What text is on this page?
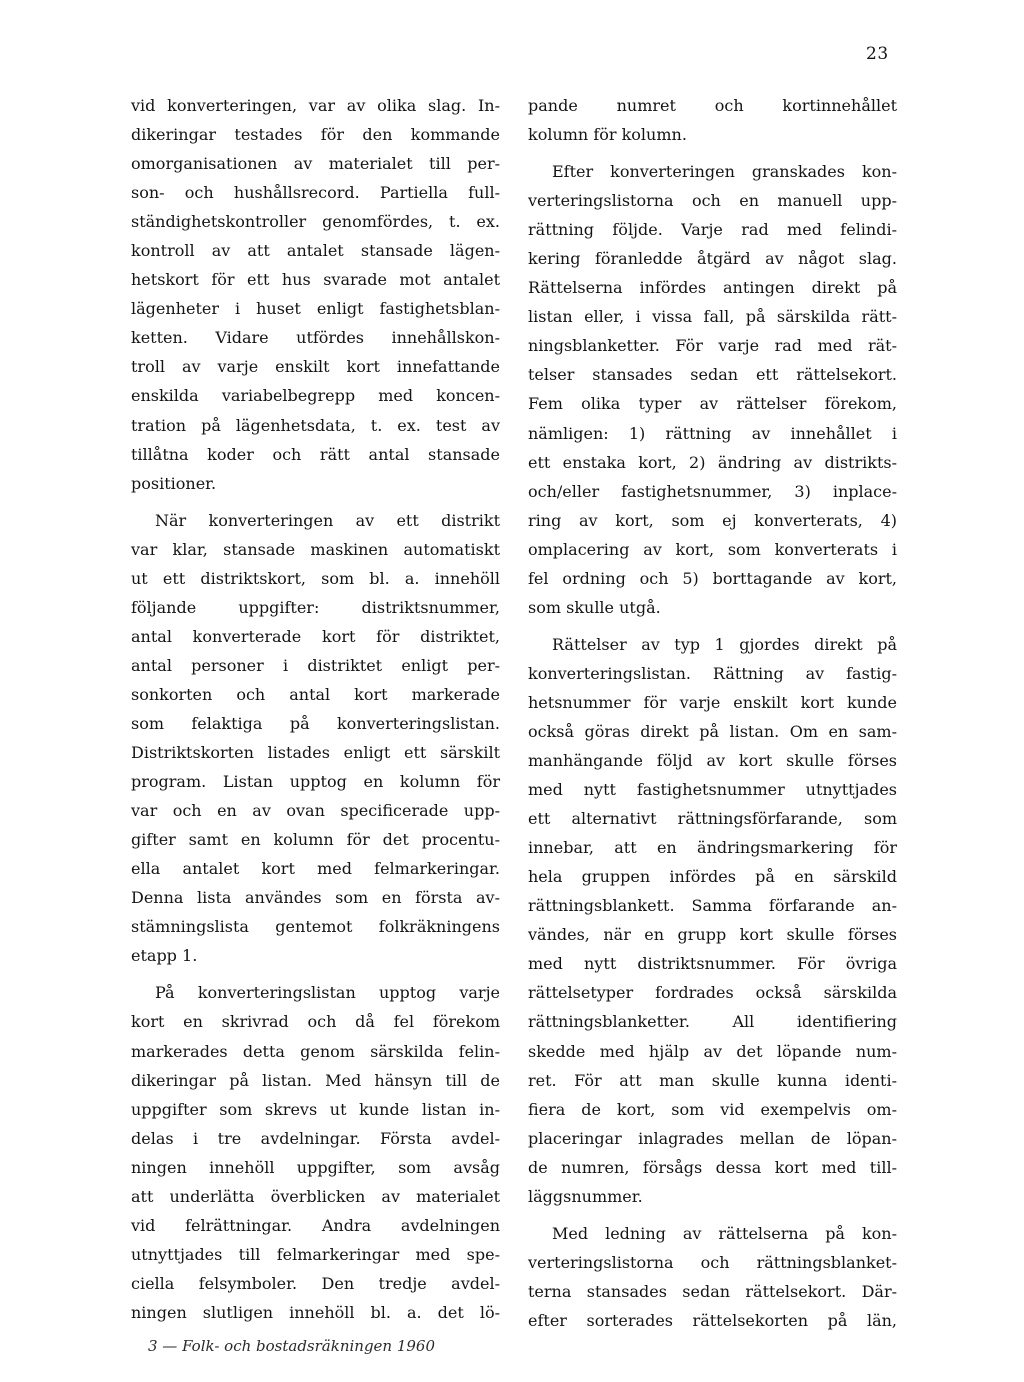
23
vid konverteringen, var av olika slag. In-
dikeringar testades för den kommande
omorganisationen av materialet till per-
son- och hushållsrecord. Partiella full-
ständighetskontroller genomfördes, t. ex.
kontroll av att antalet stansade lägen-
hetskort för ett hus svarade mot antalet
lägenheter i huset enligt fastighetsblan-
ketten. Vidare utfördes innehållskon-
troll av varje enskilt kort innefattande
enskilda variabelbegrepp med koncen-
tration på lägenhetsdata, t. ex. test av
tillåtna koder och rätt antal stansade
positioner.
När konverteringen av ett distrikt
var klar, stansade maskinen automatiskt
ut ett distriktskort, som bl. a. innehöll
följande uppgifter: distriktsnummer,
antal konverterade kort för distriktet,
antal personer i distriktet enligt per-
sonkorten och antal kort markerade
som felaktiga på konverteringslistan.
Distriktskorten listades enligt ett särskilt
program. Listan upptog en kolumn för
var och en av ovan specificerade upp-
gifter samt en kolumn för det procentu-
ella antalet kort med felmarkeringar.
Denna lista användes som en första av-
stämningslista gentemot folkräkningens
etapp 1.
På konverteringslistan upptog varje
kort en skrivrad och då fel förekom
markerades detta genom särskilda felin-
dikeringar på listan. Med hänsyn till de
uppgifter som skrevs ut kunde listan in-
delas i tre avdelningar. Första avdel-
ningen innehöll uppgifter, som avsåg
att underlätta överblicken av materialet
vid felrättningar. Andra avdelningen
utnyttjades till felmarkeringar med spe-
ciella felsymboler. Den tredje avdel-
ningen slutligen innehöll bl. a. det lö-
pande numret och kortinnehållet
kolumn för kolumn.
Efter konverteringen granskades kon-
verteringslistorna och en manuell upp-
rättning följde. Varje rad med felindi-
kering föranledde åtgärd av något slag.
Rättelserna infördes antingen direkt på
listan eller, i vissa fall, på särskilda rätt-
ningsblanketter. För varje rad med rät-
telser stansades sedan ett rättelsekort.
Fem olika typer av rättelser förekom,
nämligen: 1) rättning av innehållet i
ett enstaka kort, 2) ändring av distrikts-
och/eller fastighetsnummer, 3) inplace-
ring av kort, som ej konverterats, 4)
omplacering av kort, som konverterats i
fel ordning och 5) borttagande av kort,
som skulle utgå.
Rättelser av typ 1 gjordes direkt på
konverteringslistan. Rättning av fastig-
hetsnummer för varje enskilt kort kunde
också göras direkt på listan. Om en sam-
manhängande följd av kort skulle förses
med nytt fastighetsnummer utnyttjades
ett alternativt rättningsförfarande, som
innebar, att en ändringsmarkering för
hela gruppen infördes på en särskild
rättningsblankett. Samma förfarande an-
vändes, när en grupp kort skulle förses
med nytt distriktsnummer. För övriga
rättelsetyper fordrades också särskilda
rättningsblanketter. All identifiering
skedde med hjälp av det löpande num-
ret. För att man skulle kunna identi-
fiera de kort, som vid exempelvis om-
placeringar inlagrades mellan de löpan-
de numren, försågs dessa kort med till-
läggsnummer.
Med ledning av rättelserna på kon-
verteringslistorna och rättningsblanket-
terna stansades sedan rättelsekort. Där-
efter sorterades rättelsekorten på län,
3 — Folk- och bostadsräkningen 1960
